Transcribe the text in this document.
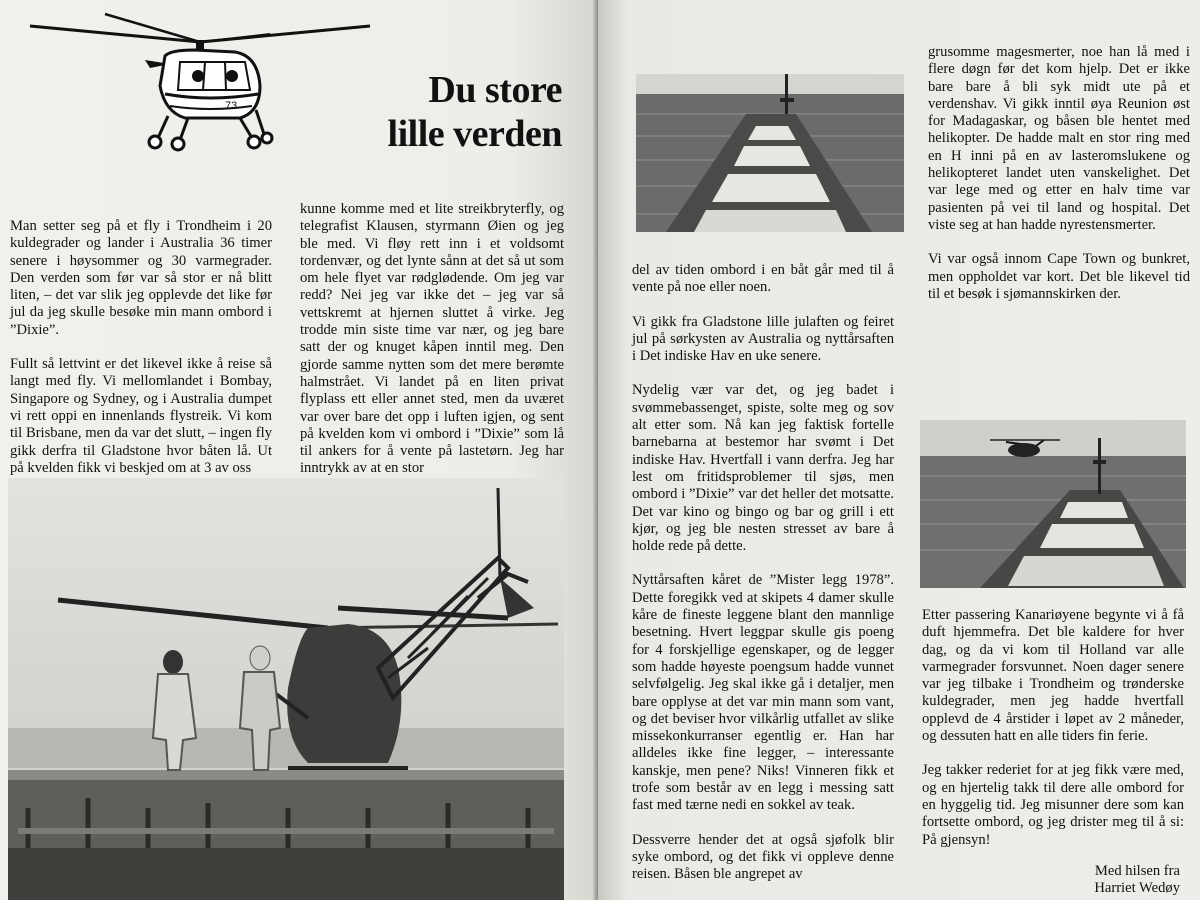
73	Du store
lille verden

Man setter seg på et fly i Trondheim i 20 kuldegrader og lander i Australia 36 timer senere i høysommer og 30 varmegrader. Den verden som før var så stor er nå blitt liten, – det var slik jeg opplevde det like før jul da jeg skulle besøke min mann ombord i ”Dixie”.

Fullt så lettvint er det likevel ikke å reise så langt med fly. Vi mellomlandet i Bombay, Singapore og Sydney, og i Australia dumpet vi rett oppi en innenlands flystreik. Vi kom til Brisbane, men da var det slutt, – ingen fly gikk derfra til Gladstone hvor båten lå. Ut på kvelden fikk vi beskjed om at 3 av oss

kunne komme med et lite streikbryterfly, og telegrafist Klausen, styrmann Øien og jeg ble med. Vi fløy rett inn i et voldsomt tordenvær, og det lynte sånn at det så ut som om hele flyet var rødglødende. Om jeg var redd? Nei jeg var ikke det – jeg var så vettskremt at hjernen sluttet å virke. Jeg trodde min siste time var nær, og jeg bare satt der og knuget kåpen inntil meg. Den gjorde samme nytten som det mere berømte halmstrået. Vi landet på en liten privat flyplass ett eller annet sted, men da uværet var over bare det opp i luften igjen, og sent på kvelden kom vi ombord i ”Dixie” som lå til ankers for å vente på lastetørn. Jeg har inntrykk av at en stor

del av tiden ombord i en båt går med til å vente på noe eller noen.

Vi gikk fra Gladstone lille julaften og feiret jul på sørkysten av Australia og nyttårsaften i Det indiske Hav en uke senere.

Nydelig vær var det, og jeg badet i svømmebassenget, spiste, solte meg og sov alt etter som. Nå kan jeg faktisk fortelle barnebarna at bestemor har svømt i Det indiske Hav. Hvertfall i vann derfra. Jeg har lest om fritidsproblemer til sjøs, men ombord i ”Dixie” var det heller det motsatte. Det var kino og bingo og bar og grill i ett kjør, og jeg ble nesten stresset av bare å holde rede på dette.

Nyttårsaften kåret de ”Mister legg 1978”. Dette foregikk ved at skipets 4 damer skulle kåre de fineste leggene blant den mannlige besetning. Hvert leggpar skulle gis poeng for 4 forskjellige egenskaper, og de legger som hadde høyeste poengsum hadde vunnet selvfølgelig. Jeg skal ikke gå i detaljer, men bare opplyse at det var min mann som vant, og det beviser hvor vilkårlig utfallet av slike missekonkurranser egentlig er. Han har alldeles ikke fine legger, – interessante kanskje, men pene? Niks! Vinneren fikk et trofe som består av en legg i messing satt fast med tærne nedi en sokkel av teak.

Dessverre hender det at også sjøfolk blir syke ombord, og det fikk vi oppleve denne reisen. Båsen ble angrepet av

grusomme magesmerter, noe han lå med i flere døgn før det kom hjelp. Det er ikke bare bare å bli syk midt ute på et verdenshav. Vi gikk inntil øya Reunion øst for Madagaskar, og båsen ble hentet med helikopter. De hadde malt en stor ring med en H inni på en av lasteromslukene og helikopteret landet uten vanskelighet. Det var lege med og etter en halv time var pasienten på vei til land og hospital. Det viste seg at han hadde nyrestensmerter.

Vi var også innom Cape Town og bunkret, men oppholdet var kort. Det ble likevel tid til et besøk i sjømannskirken der.

Etter passering Kanariøyene begynte vi å få duft hjemmefra. Det ble kaldere for hver dag, og da vi kom til Holland var alle varmegrader forsvunnet. Noen dager senere var jeg tilbake i Trondheim og trønderske kuldegrader, men jeg hadde hvertfall opplevd de 4 årstider i løpet av 2 måneder, og dessuten hatt en alle tiders fin ferie.

Jeg takker rederiet for at jeg fikk være med, og en hjertelig takk til dere alle ombord for en hyggelig tid. Jeg misunner dere som kan fortsette ombord, og jeg drister meg til å si: På gjensyn!

Med hilsen fra
Harriet Wedøy
